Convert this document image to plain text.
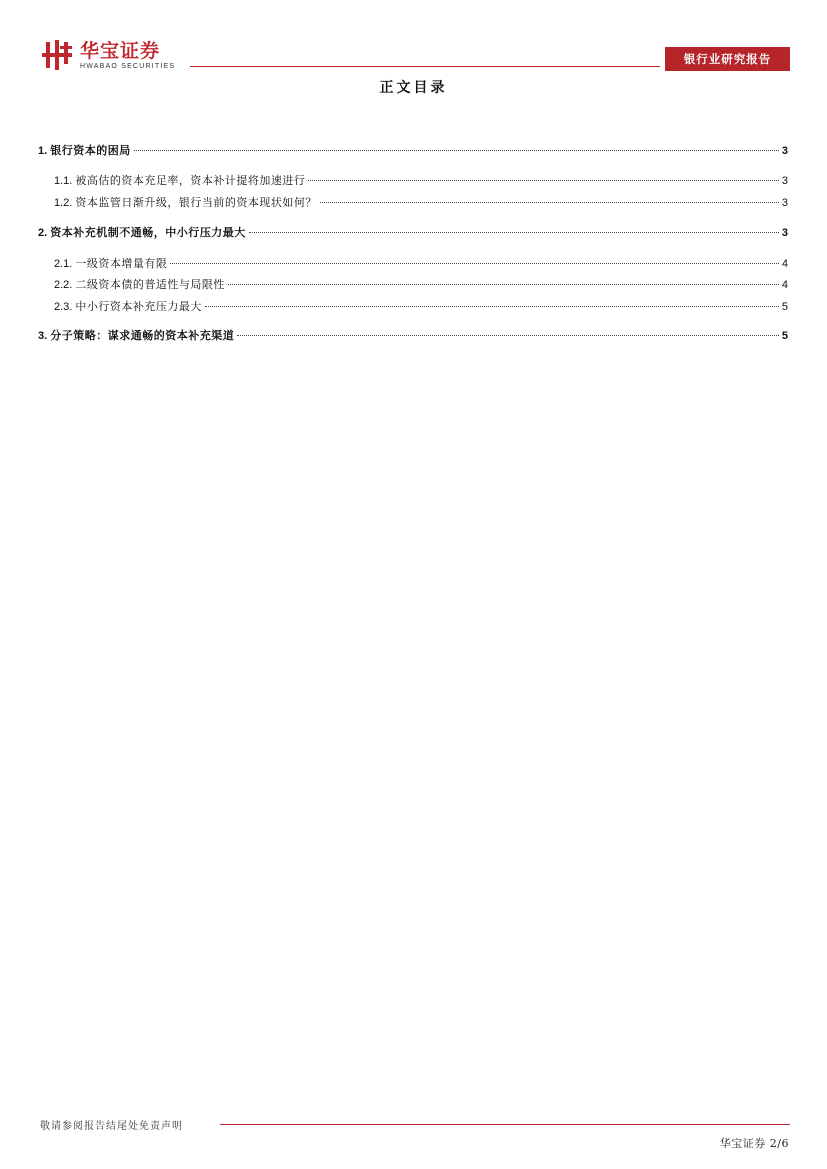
华宝证券
HWABAO SECURITIES	银行业研究报告
正文目录
1. 银行资本的困局	3
1.1. 被高估的资本充足率，资本补计提将加速进行	3
1.2. 资本监管日渐升级，银行当前的资本现状如何？	3
2. 资本补充机制不通畅，中小行压力最大	3
2.1. 一级资本增量有限	4
2.2. 二级资本债的普适性与局限性	4
2.3. 中小行资本补充压力最大	5
3. 分子策略：谋求通畅的资本补充渠道	5
敬请参阅报告结尾处免责声明
华宝证券 2/6
